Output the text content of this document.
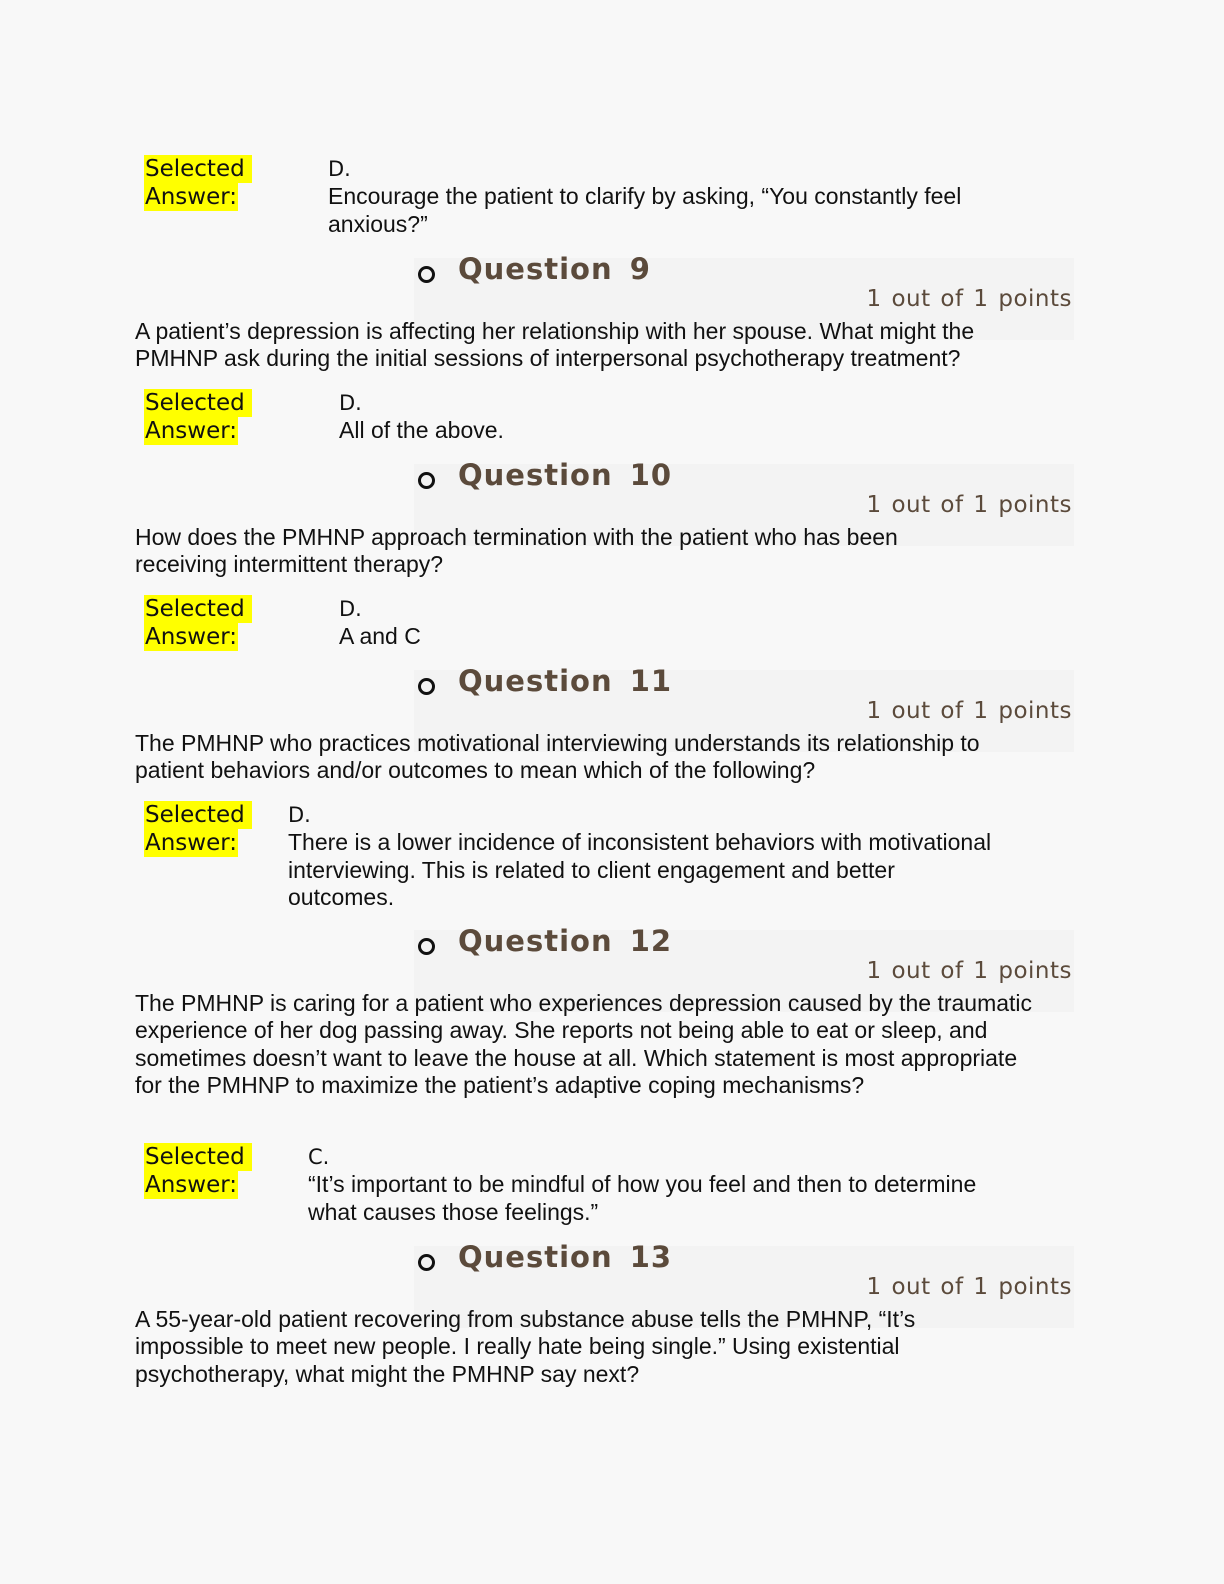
Selected
Answer:
D.
Encourage the patient to clarify by asking, “You constantly feel anxious?”
Question 9
1 out of 1 points
A patient’s depression is affecting her relationship with her spouse. What might the PMHNP ask during the initial sessions of interpersonal psychotherapy treatment?
Selected
Answer:
D.
All of the above.
Question 10
1 out of 1 points
How does the PMHNP approach termination with the patient who has been receiving intermittent therapy?
Selected
Answer:
D.
A and C
Question 11
1 out of 1 points
The PMHNP who practices motivational interviewing understands its relationship to patient behaviors and/or outcomes to mean which of the following?
Selected
Answer:
D.
There is a lower incidence of inconsistent behaviors with motivational interviewing. This is related to client engagement and better outcomes.
Question 12
1 out of 1 points
The PMHNP is caring for a patient who experiences depression caused by the traumatic experience of her dog passing away. She reports not being able to eat or sleep, and sometimes doesn’t want to leave the house at all. Which statement is most appropriate for the PMHNP to maximize the patient’s adaptive coping mechanisms?
Selected
Answer:
C.
“It’s important to be mindful of how you feel and then to determine what causes those feelings.”
Question 13
1 out of 1 points
A 55-year-old patient recovering from substance abuse tells the PMHNP, “It’s impossible to meet new people. I really hate being single.” Using existential psychotherapy, what might the PMHNP say next?
